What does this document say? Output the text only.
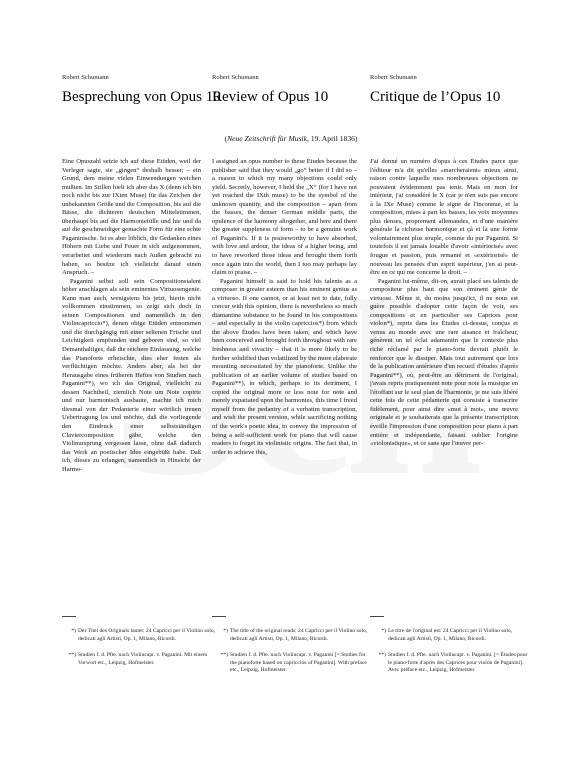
Robert Schumann

Besprechung von Opus 10

Robert Schumann

Review of Opus 10

Robert Schumann

Critique de l’Opus 10
(Neue Zeitschrift für Musik, 19. April 1836)

Eine Opuszahl setzte ich auf diese Etüden, weil der Verleger sagte, sie „gingen“ deshalb besser; – ein Grund, dem meine vielen Einwendungen weichen mußten. Im Stillen hielt ich aber das X (denn ich bin noch nicht bis zur IXten Muse) für das Zeichen der unbekannten Größe und die Composition, bis auf die Bässe, die dichteren deutschen Mittelstimmen, überhaupt bis auf die Harmoniefülle und hie und da auf die geschmeidiger gemachte Form für eine echte Paganinische. Ist es aber löblich, die Gedanken eines Höhern mit Liebe und Feuer in sich aufgenommen, verarbeitet und wiederum nach Außen gebracht zu haben, so besitze ich vielleicht darauf einen Anspruch. –

Paganini selbst soll sein Compositionstalent höher anschlagen als sein eminentes Virtuosengenie. Kann man auch, wenigstens bis jetzt, hierin nicht vollkommen einstimmen, so zeigt sich doch in seinen Compositionen und namentlich in den Violincapriccio*), denen obige Etüden entnommen und die durchgängig mit einer seltenen Frische und Leichtigkeit empfunden und geboren sind, so viel Demanthaltiges, daß die reichere Einfassung, welche das Pianoforte erheischte, dies eher festen als verflüchtigen möchte. Anders aber, als bei der Herausgabe eines früheren Heftes von Studien nach Paganini**), wo ich das Original, vielleicht zu dessen Nachtheil, ziemlich Note um Note copirte und nur harmonisch ausbaute, machte ich mich diesmal von der Pedanterie einer wörtlich treuen Uebertragung los und möchte, daß die vorliegende den Eindruck einer selbstständigen Claviercomposition gäbe, welche den Violinursprung vergessen lasse, ohne daß dadurch das Werk an poetischer Idee eingebüßt habe. Daß ich, dieses zu erlangen, namentlich in Hinsicht der Harmo-

I assigned an opus number to these Études because the publisher said that they would „go“ better if I did so – a reason to which my many objections could only yield. Secretly, however, I held the „X“ (for I have not yet reached the IXth muse) to be the symbol of the unknown quantity, and the composition – apart from the basses, the denser German middle parts, the opulence of the harmony altogether, and here and there the greater suppleness of form – to be a genuine work of Paganini's. If it is praiseworthy to have absorbed, with love and ardour, the ideas of a higher being, and to have reworked those ideas and brought them forth once again into the world, then I too may perhaps lay claim to praise. –

Paganini himself is said to hold his talents as a composer in greater esteem than his eminent genius as a virtuoso. If one cannot, or at least not to date, fully concur with this opinion, there is nevertheless so much diamantine substance to be found in his compositions – and especially in the violin capriccios*) from which the above Études have been taken, and which have been conceived and brought forth throughout with rare freshness and vivacity – that it is more likely to be further solidified than volatilized by the more elaborate mounting necessitated by the pianoforte. Unlike the publication of an earlier volume of studies based on Paganini**), in which, perhaps to its detriment, I copied the original more or less note for note and merely expatiated upon the harmonies, this time I freed myself from the pedantry of a verbatim transcription, and wish the present version, while sacrificing nothing of the work's poetic idea, to convey the impression of being a self-sufficient work for piano that will cause readers to forget its violinistic origins. The fact that, in order to achieve this,

J'ai donné un numéro d'opus à ces Études parce que l'éditeur m'a dit qu'elles «marcheraient» mieux ainsi, raison contre laquelle mes nombreuses objections ne pouvaient évidemment pas tenir. Mais en mon for intérieur, j'ai considéré le X (car je n'en suis pas encore à la IXe Muse) comme le signe de l'inconnue, et la composition, mises à part les basses, les voix moyennes plus denses, proprement allemandes, et d'une manière générale la richesse harmonique et çà et là une forme volontairement plus souple, comme du pur Paganini. Si toutefois il est jamais louable d'avoir «intériorisé» avec fougue et passion, puis remanié et «extériorisé» de nouveau les pensées d'un esprit supérieur, j'en ai peut-être en ce qui me concerne le droit. –

Paganini lui-même, dit-on, aurait placé ses talents de compositeur plus haut que son éminent génie de virtuose. Même si, du moins jusqu'ici, il ne nous est guère possible d'adopter cette façon de voir, ses compositions et en particulier ses Caprices pour violon*), repris dans les Études ci-dessus, conçus et venus au monde avec une rare aisance et fraîcheur, génèrent un tel éclat adamantin que le contexte plus riche réclamé par le piano-forte devrait plutôt le renforcer que le dissiper. Mais tout autrement que lors de la publication antérieure d'un recueil d'études d'après Paganini**), où, peut-être au détriment de l'original, j'avais repris pratiquement note pour note la musique en l'étoffant sur le seul plan de l'harmonie, je me suis libéré cette fois de cette pédanterie qui consiste à transcrire fidèlement, pour ainsi dire «mot à mot», une œuvre originale et je souhaiterais que la présente transcription éveille l'impression d'une composition pour piano à part entière et indépendante, faisant oublier l'origine «violonistique», et ce sans que l'œuvre per-

*) Der Titel des Originals lautet: 24 Capricci per il Violino solo, dedicati agli Artisti, Op. 1, Milano, Ricordi.
**) Studien f. d. Pfte. nach Violincapr. v. Paganini. Mit einem Vorwort etc., Leipzig, Hofmeister.
*) The title of the original reads: 24 Capricci per il Violino solo, dedicati agli Artisti, Op. 1, Milano, Ricordi.
**) Studien f. d. Pfte. nach Violincapr. v. Paganini [= Studies for the pianoforte based on capriccios of Paganini]. With preface etc., Leipzig, Hofmeister.
*) Le titre de l'original est: 24 Capricci per il Violino solo, dedicati agli Artisti, Op. 1, Milano, Ricordi.
**) Studien f. d. Pfte. nach Violincapr. v. Paganini. [= Études pour le piano-forte d'après des Caprices pour violon de Paganini]. Avec préface etc., Leipzig, Hofmeister.
